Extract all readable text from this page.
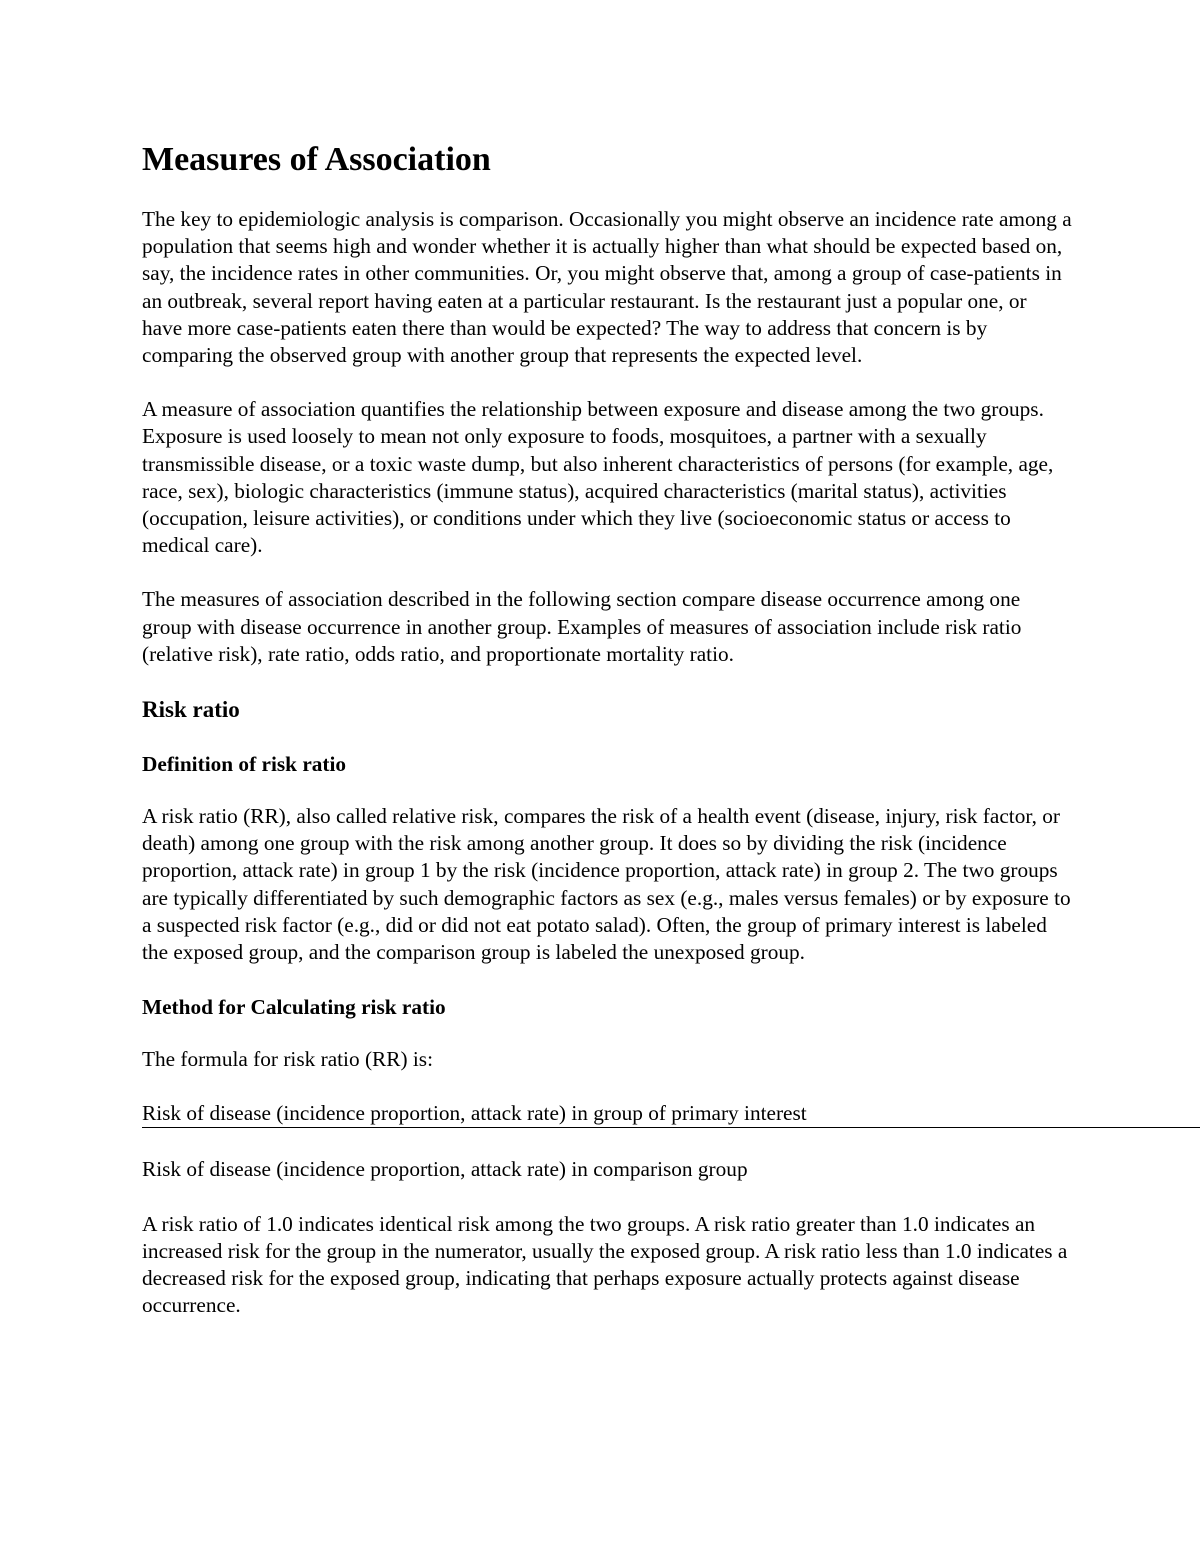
Measures of Association

The key to epidemiologic analysis is comparison. Occasionally you might observe an incidence rate among a population that seems high and wonder whether it is actually higher than what should be expected based on, say, the incidence rates in other communities. Or, you might observe that, among a group of case-patients in an outbreak, several report having eaten at a particular restaurant. Is the restaurant just a popular one, or have more case-patients eaten there than would be expected? The way to address that concern is by comparing the observed group with another group that represents the expected level.

A measure of association quantifies the relationship between exposure and disease among the two groups. Exposure is used loosely to mean not only exposure to foods, mosquitoes, a partner with a sexually transmissible disease, or a toxic waste dump, but also inherent characteristics of persons (for example, age, race, sex), biologic characteristics (immune status), acquired characteristics (marital status), activities (occupation, leisure activities), or conditions under which they live (socioeconomic status or access to medical care).

The measures of association described in the following section compare disease occurrence among one group with disease occurrence in another group. Examples of measures of association include risk ratio (relative risk), rate ratio, odds ratio, and proportionate mortality ratio.

Risk ratio
Definition of risk ratio

A risk ratio (RR), also called relative risk, compares the risk of a health event (disease, injury, risk factor, or death) among one group with the risk among another group. It does so by dividing the risk (incidence proportion, attack rate) in group 1 by the risk (incidence proportion, attack rate) in group 2. The two groups are typically differentiated by such demographic factors as sex (e.g., males versus females) or by exposure to a suspected risk factor (e.g., did or did not eat potato salad). Often, the group of primary interest is labeled the exposed group, and the comparison group is labeled the unexposed group.

Method for Calculating risk ratio

The formula for risk ratio (RR) is:

Risk of disease (incidence proportion, attack rate) in group of primary interest

Risk of disease (incidence proportion, attack rate) in comparison group

A risk ratio of 1.0 indicates identical risk among the two groups. A risk ratio greater than 1.0 indicates an increased risk for the group in the numerator, usually the exposed group. A risk ratio less than 1.0 indicates a decreased risk for the exposed group, indicating that perhaps exposure actually protects against disease occurrence.
